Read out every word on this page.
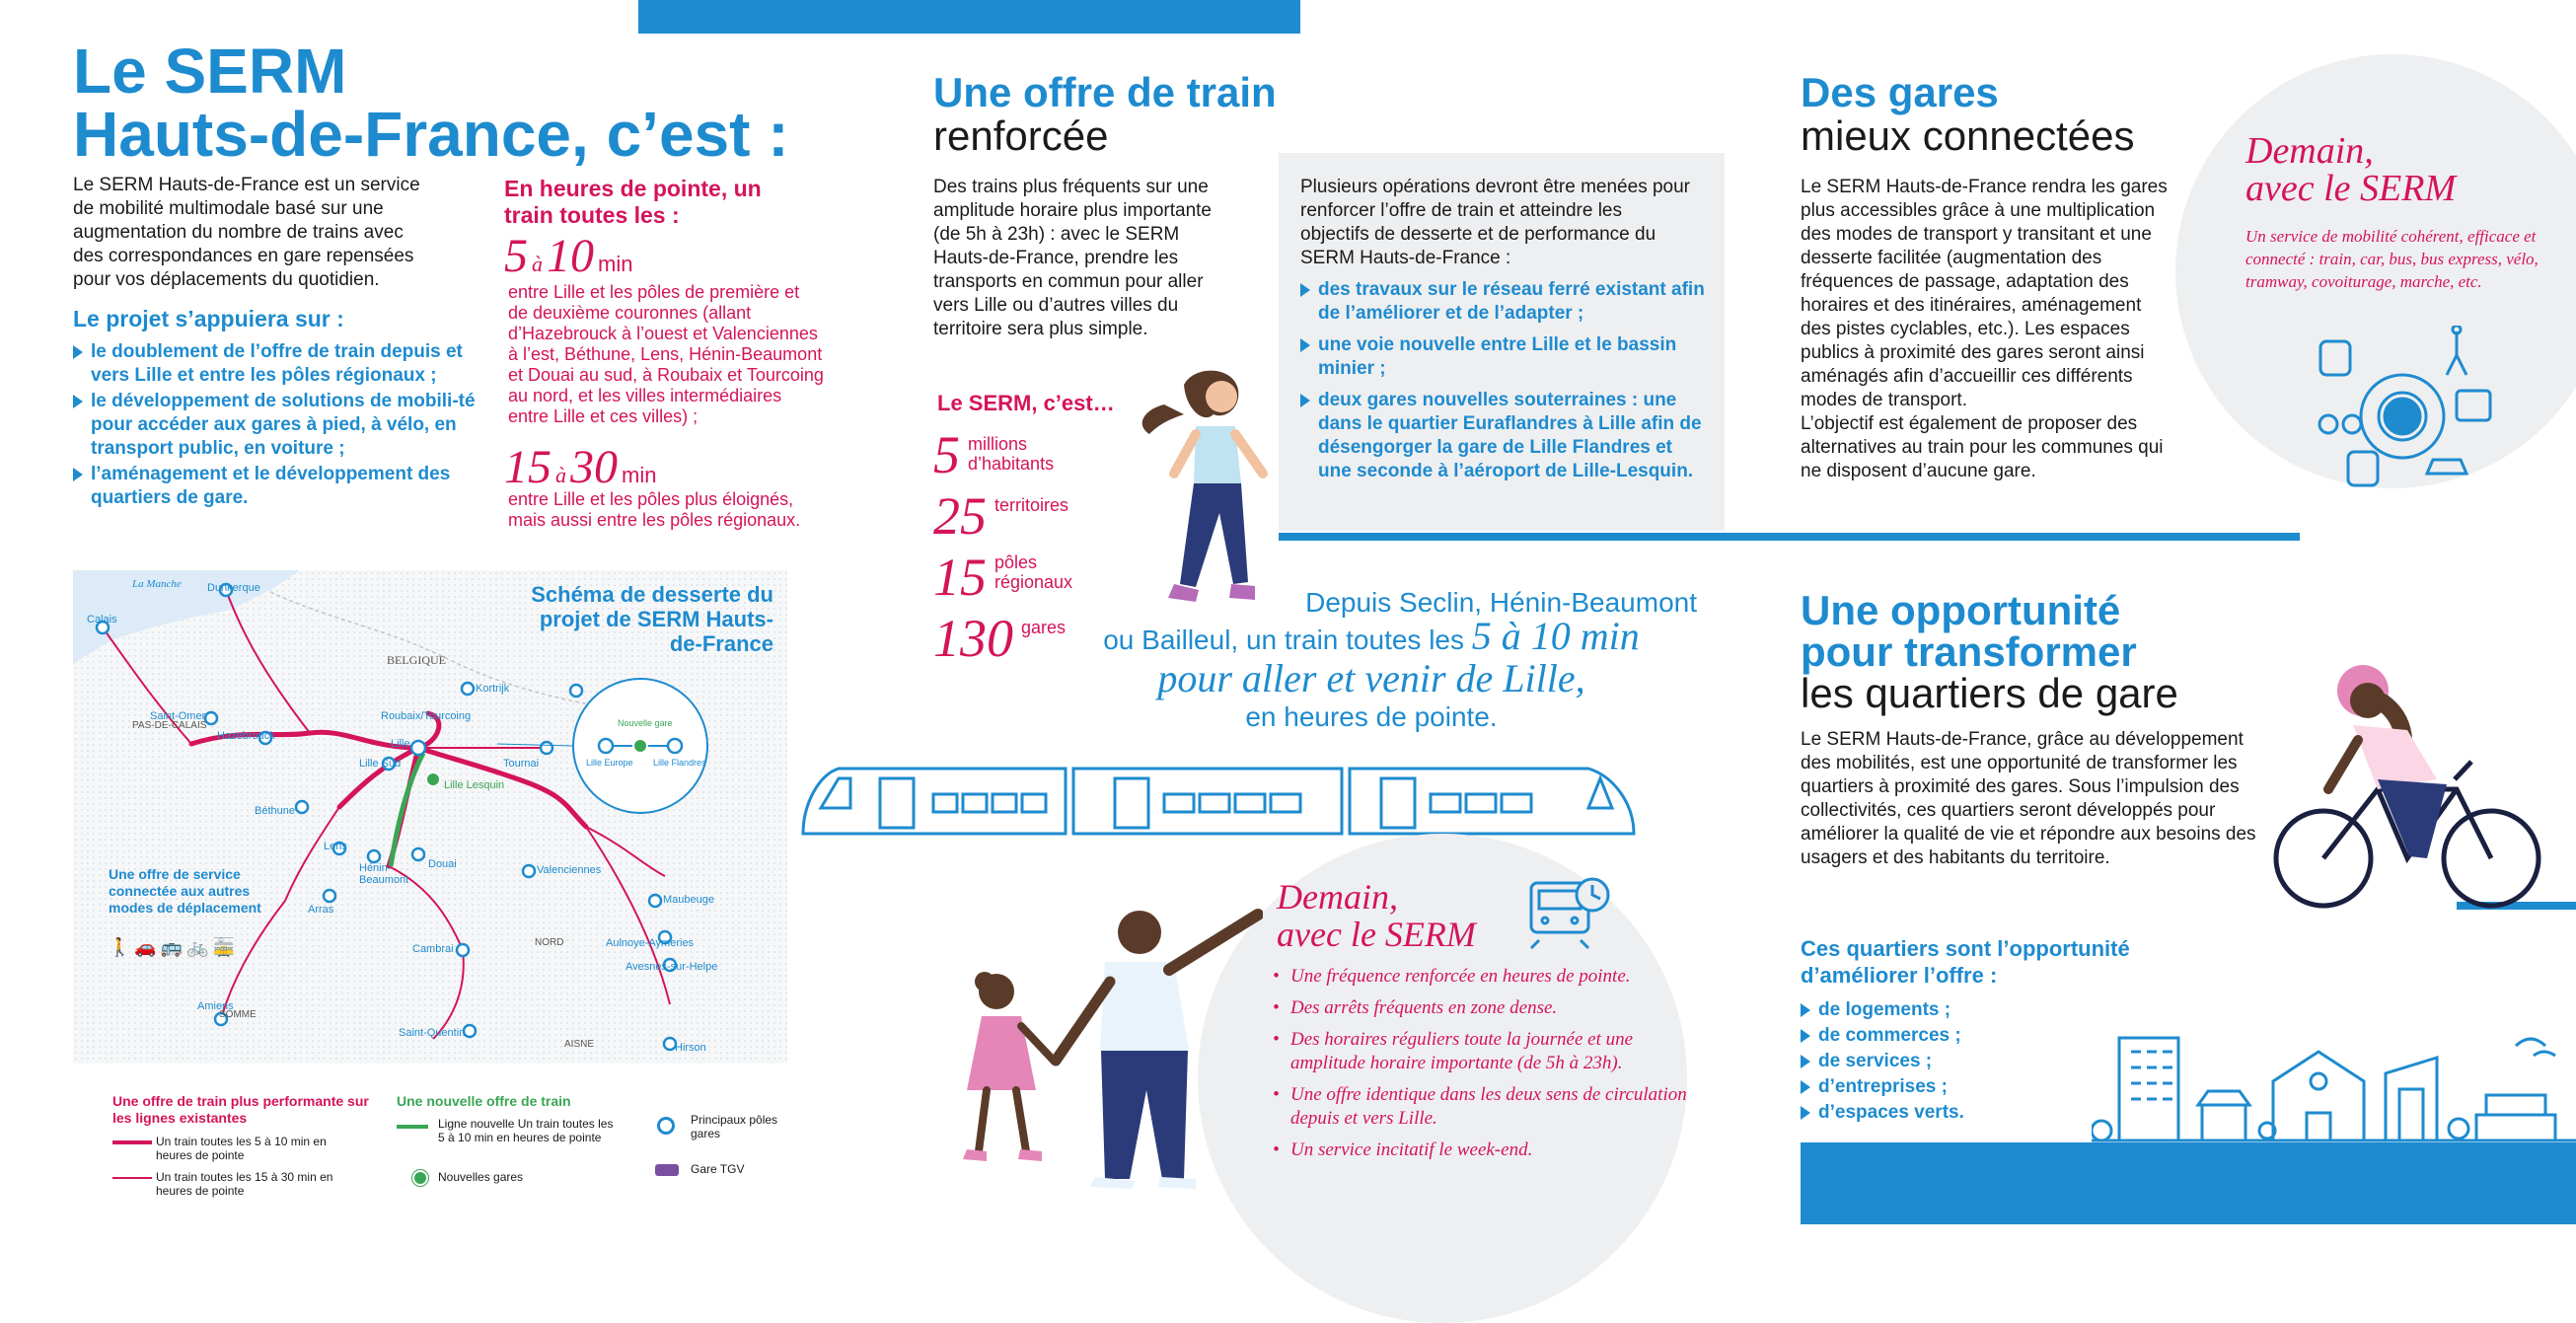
Le SERM
Hauts-de-France, c’est :
Le SERM Hauts-de-France est un service de mobilité multimodale basé sur une augmentation du nombre de trains avec des correspondances en gare repensées pour vos déplacements du quotidien.
Le projet s’appuiera sur :
le doublement de l’offre de train depuis et vers Lille et entre les pôles régionaux ;
le développement de solutions de mobili-té pour accéder aux gares à pied, à vélo, en transport public, en voiture ;
l’aménagement et le développement des quartiers de gare.
En heures de pointe, un train toutes les :
5 à 10 min
entre Lille et les pôles de première et de deuxième couronnes (allant d’Hazebrouck à l’ouest et Valenciennes à l’est, Béthune, Lens, Hénin-Beaumont et Douai au sud, à Roubaix et Tourcoing au nord, et les villes intermédiaires entre Lille et ces villes) ;
15 à 30 min
entre Lille et les pôles plus éloignés, mais aussi entre les pôles régionaux.
La Manche
BELGIQUE
PAS-DE-CALAIS
NORD
SOMME
AISNE
Dunkerque
Calais
Saint-Omer
Hazebrouck
Roubaix/Tourcoing
Kortrijk
Lille
Lille Sud	Tournai
Lille Lesquin
Béthune
Lens
Hénin-Beaumont
Douai
Arras
Valenciennes
Maubeuge
Aulnoye-Aymeries
Avesnes-sur-Helpe
Cambrai
Amiens
Saint-Quentin
Hirson
Nouvelle gare
Lille Europe Lille Flandres
Schéma de desserte du projet de SERM Hauts-de-France
Une offre de service connectée aux autres modes de déplacement
🚶🚗🚌🚲🚋
Une offre de train plus performante sur les lignes existantes
Un train toutes les 5 à 10 min en heures de pointe
Un train toutes les 15 à 30 min en heures de pointe
Une nouvelle offre de train
Ligne nouvelle Un train toutes les 5 à 10 min en heures de pointe
Nouvelles gares
Principaux pôles gares
Gare TGV
Une offre de train
renforcée
Des trains plus fréquents sur une amplitude horaire plus importante (de 5h à 23h) : avec le SERM Hauts-de-France, prendre les transports en commun pour aller vers Lille ou d’autres villes du territoire sera plus simple.
Plusieurs opérations devront être menées pour renforcer l’offre de train et atteindre les objectifs de desserte et de performance du SERM Hauts-de-France :
des travaux sur le réseau ferré existant afin de l’améliorer et de l’adapter ;
une voie nouvelle entre Lille et le bassin minier ;
deux gares nouvelles souterraines : une dans le quartier Euraflandres à Lille afin de désengorger la gare de Lille Flandres et une seconde à l’aéroport de Lille-Lesquin.
Le SERM, c’est…
5 millions d’habitants
25 territoires
15 pôles régionaux
130 gares
Depuis Seclin, Hénin-Beaumont
ou Bailleul, un train toutes les 5 à 10 min
pour aller et venir de Lille,
en heures de pointe.
Demain,
avec le SERM
• Une fréquence renforcée en heures de pointe.
• Des arrêts fréquents en zone dense.
• Des horaires réguliers toute la journée et une amplitude horaire importante (de 5h à 23h).
• Une offre identique dans les deux sens de circulation depuis et vers Lille.
• Un service incitatif le week-end.
Des gares
mieux connectées
Le SERM Hauts-de-France rendra les gares plus accessibles grâce à une multiplication des modes de transport y transitant et une desserte facilitée (augmentation des fréquences de passage, adaptation des horaires et des itinéraires, aménagement des pistes cyclables, etc.). Les espaces publics à proximité des gares seront ainsi aménagés afin d’accueillir ces différents modes de transport.
L’objectif est également de proposer des alternatives au train pour les communes qui ne disposent d’aucune gare.
Demain,
avec le SERM
Un service de mobilité cohérent, efficace et connecté : train, car, bus, bus express, vélo, tramway, covoiturage, marche, etc.
Une opportunité
pour transformer
les quartiers de gare
Le SERM Hauts-de-France, grâce au développement des mobilités, est une opportunité de transformer les quartiers à proximité des gares. Sous l’impulsion des collectivités, ces quartiers seront développés pour améliorer la qualité de vie et répondre aux besoins des usagers et des habitants du territoire.
Ces quartiers sont l’opportunité d’améliorer l’offre :
de logements ;
de commerces ;
de services ;
d’entreprises ;
d’espaces verts.
